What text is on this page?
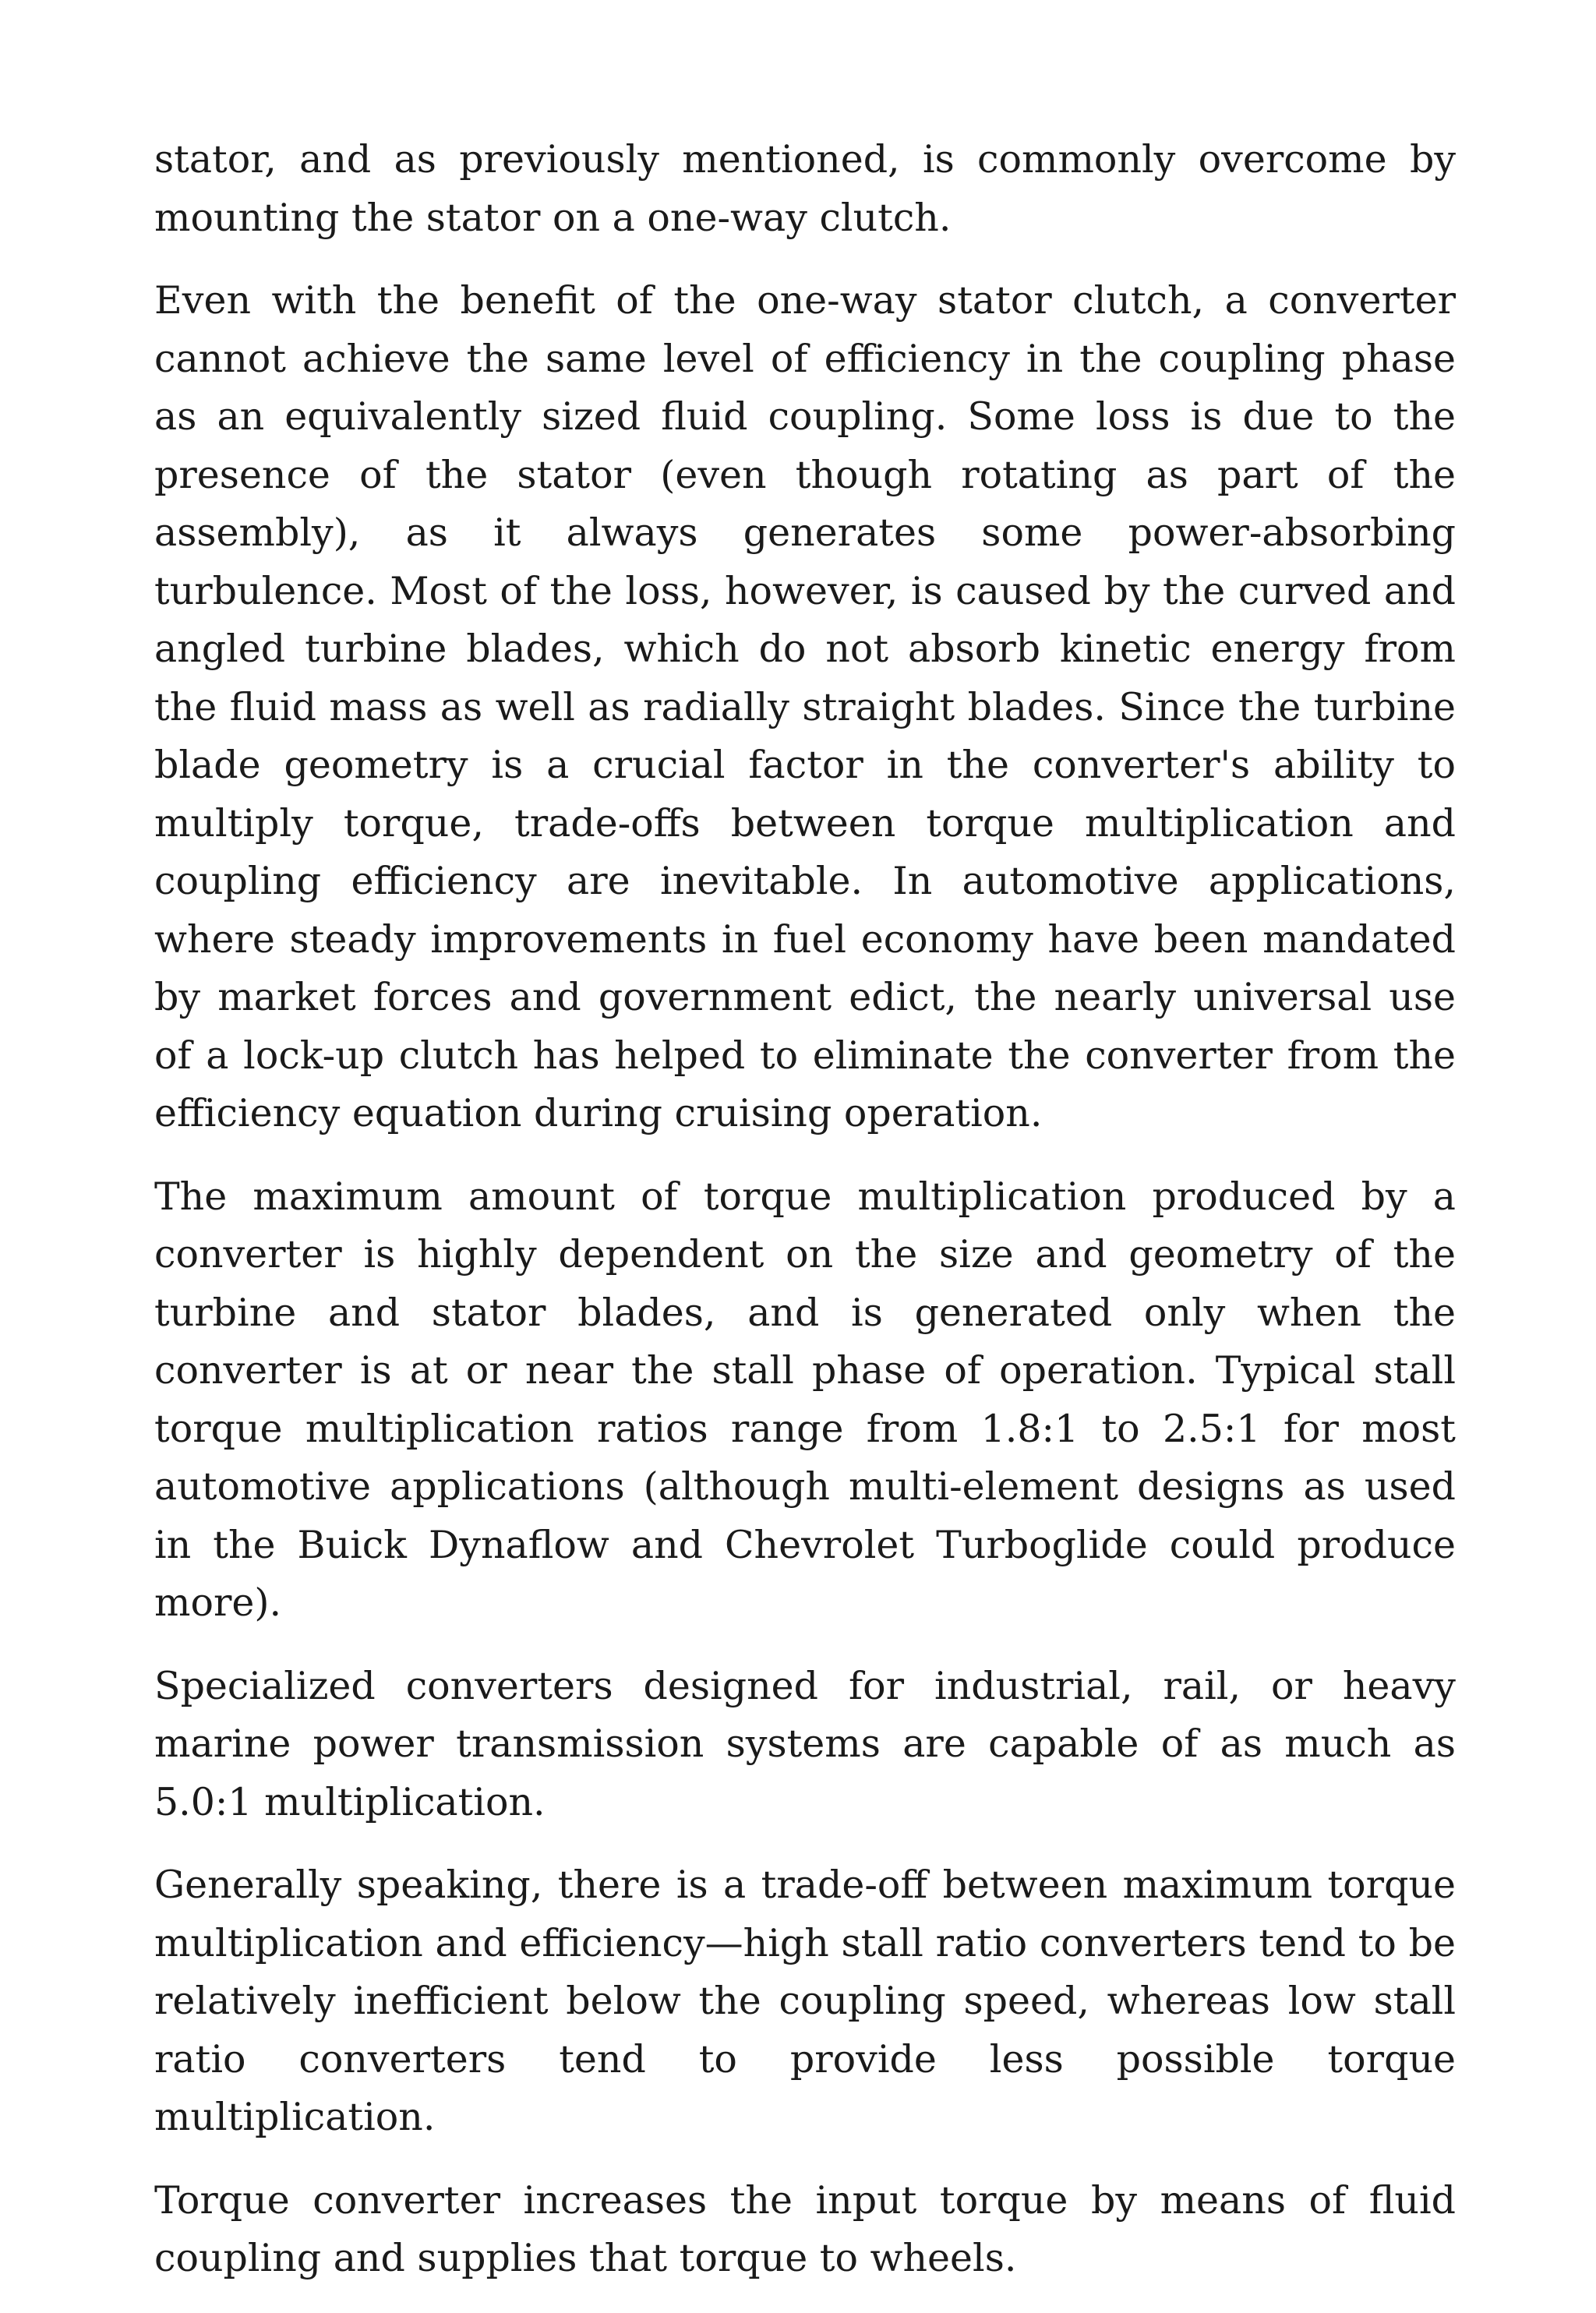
stator, and as previously mentioned, is commonly overcome by mounting the stator on a one-way clutch.

Even with the benefit of the one-way stator clutch, a converter cannot achieve the same level of efficiency in the coupling phase as an equivalently sized fluid coupling. Some loss is due to the presence of the stator (even though rotating as part of the assembly), as it always generates some power-absorbing turbulence. Most of the loss, however, is caused by the curved and angled turbine blades, which do not absorb kinetic energy from the fluid mass as well as radially straight blades. Since the turbine blade geometry is a crucial factor in the converter's ability to multiply torque, trade-offs between torque multiplication and coupling efficiency are inevitable. In automotive applications, where steady improvements in fuel economy have been mandated by market forces and government edict, the nearly universal use of a lock-up clutch has helped to eliminate the converter from the efficiency equation during cruising operation.

The maximum amount of torque multiplication produced by a converter is highly dependent on the size and geometry of the turbine and stator blades, and is generated only when the converter is at or near the stall phase of operation. Typical stall torque multiplication ratios range from 1.8:1 to 2.5:1 for most automotive applications (although multi-element designs as used in the Buick Dynaflow and Chevrolet Turboglide could produce more).

Specialized converters designed for industrial, rail, or heavy marine power transmission systems are capable of as much as 5.0:1 multiplication.

Generally speaking, there is a trade-off between maximum torque multiplication and efficiency—high stall ratio converters tend to be relatively inefficient below the coupling speed, whereas low stall ratio converters tend to provide less possible torque multiplication.

Torque converter increases the input torque by means of fluid coupling and supplies that torque to wheels.
